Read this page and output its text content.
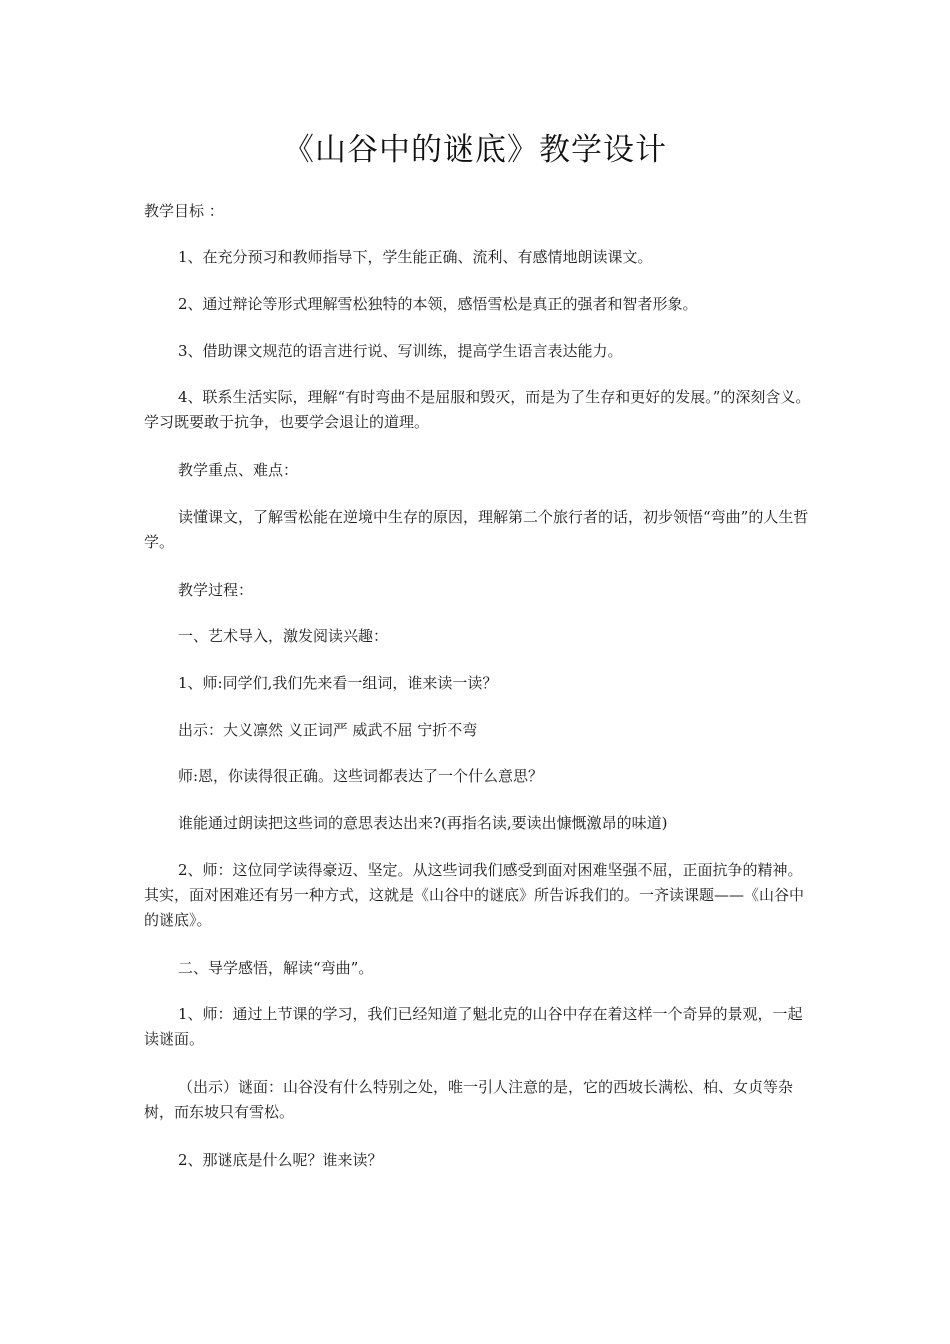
《山谷中的谜底》教学设计

教学目标 ：

1、在充分预习和教师指导下，学生能正确、流利、有感情地朗读课文。

2、通过辩论等形式理解雪松独特的本领，感悟雪松是真正的强者和智者形象。

3、借助课文规范的语言进行说、写训练，提高学生语言表达能力。

4、联系生活实际，理解“有时弯曲不是屈服和毁灭，而是为了生存和更好的发展。”的深刻含义。学习既要敢于抗争，也要学会退让的道理。

教学重点、难点：

读懂课文，了解雪松能在逆境中生存的原因，理解第二个旅行者的话，初步领悟“弯曲”的人生哲学。

教学过程：

一、艺术导入，激发阅读兴趣：

1、师:同学们,我们先来看一组词，谁来读一读？

出示：大义凛然 义正词严 威武不屈 宁折不弯

师:恩，你读得很正确。这些词都表达了一个什么意思？

谁能通过朗读把这些词的意思表达出来?(再指名读,要读出慷慨激昂的味道)

2、师：这位同学读得豪迈、坚定。从这些词我们感受到面对困难坚强不屈，正面抗争的精神。其实，面对困难还有另一种方式，这就是《山谷中的谜底》所告诉我们的。一齐读课题——《山谷中的谜底》。

二、导学感悟，解读“弯曲”。

1、师：通过上节课的学习，我们已经知道了魁北克的山谷中存在着这样一个奇异的景观，一起读谜面。

（出示）谜面：山谷没有什么特别之处，唯一引人注意的是，它的西坡长满松、柏、女贞等杂树，而东坡只有雪松。

2、那谜底是什么呢？谁来读？
